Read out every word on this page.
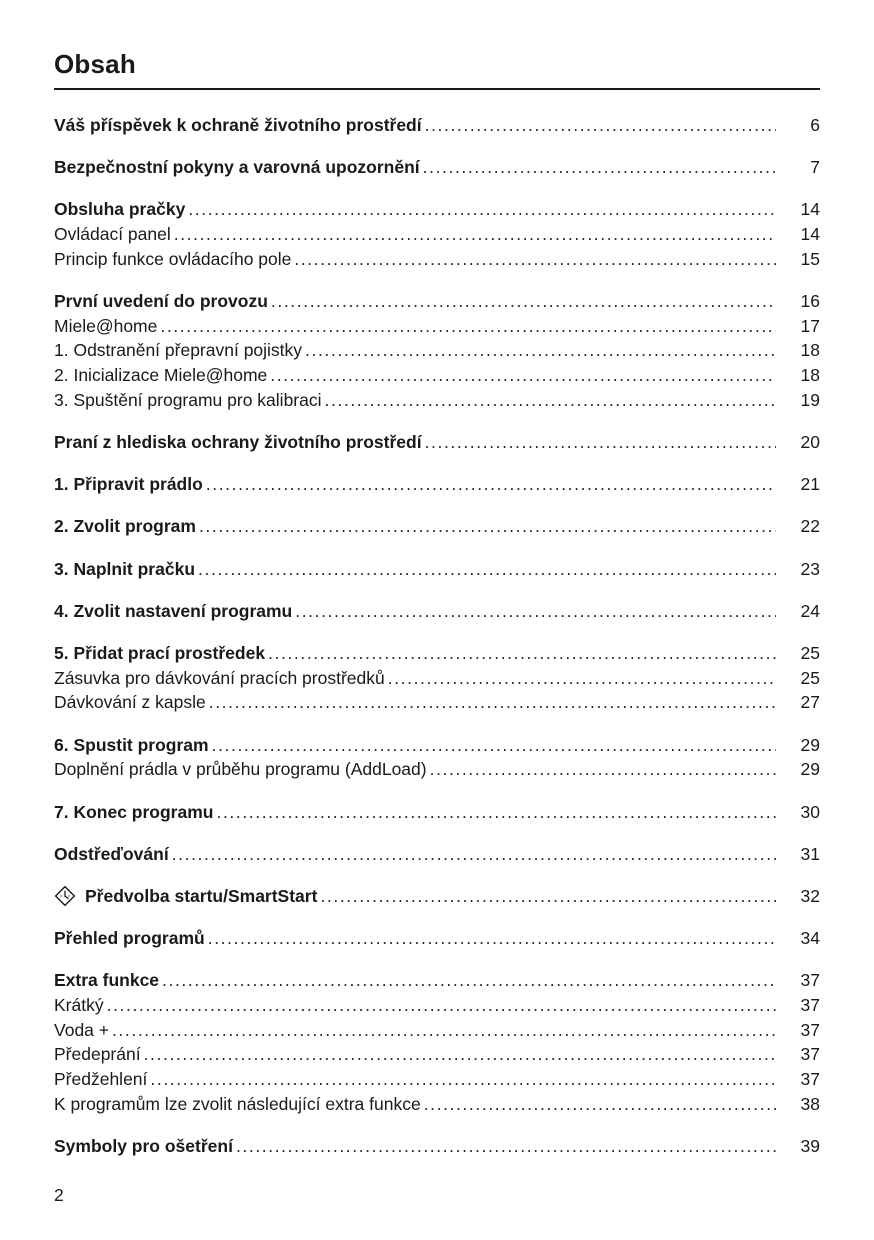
Obsah
Váš příspěvek k ochraně životního prostředí .....	6
Bezpečnostní pokyny a varovná upozornění .....	7
Obsluha pračky .....	14
Ovládací panel .....	14
Princip funkce ovládacího pole .....	15
První uvedení do provozu .....	16
Miele@home .....	17
1. Odstranění přepravní pojistky .....	18
2. Inicializace Miele@home .....	18
3. Spuštění programu pro kalibraci .....	19
Praní z hlediska ochrany životního prostředí .....	20
1. Připravit prádlo .....	21
2. Zvolit program .....	22
3. Naplnit pračku .....	23
4. Zvolit nastavení programu .....	24
5. Přidat prací prostředek .....	25
Zásuvka pro dávkování pracích prostředků .....	25
Dávkování z kapsle .....	27
6. Spustit program .....	29
Doplnění prádla v průběhu programu (AddLoad) .....	29
7. Konec programu .....	30
Odstřeďování .....	31
Předvolba startu/SmartStart .....	32
Přehled programů .....	34
Extra funkce .....	37
Krátký .....	37
Voda + .....	37
Předeprání .....	37
Předžehlení .....	37
K programům lze zvolit následující extra funkce .....	38
Symboly pro ošetření .....	39
2
